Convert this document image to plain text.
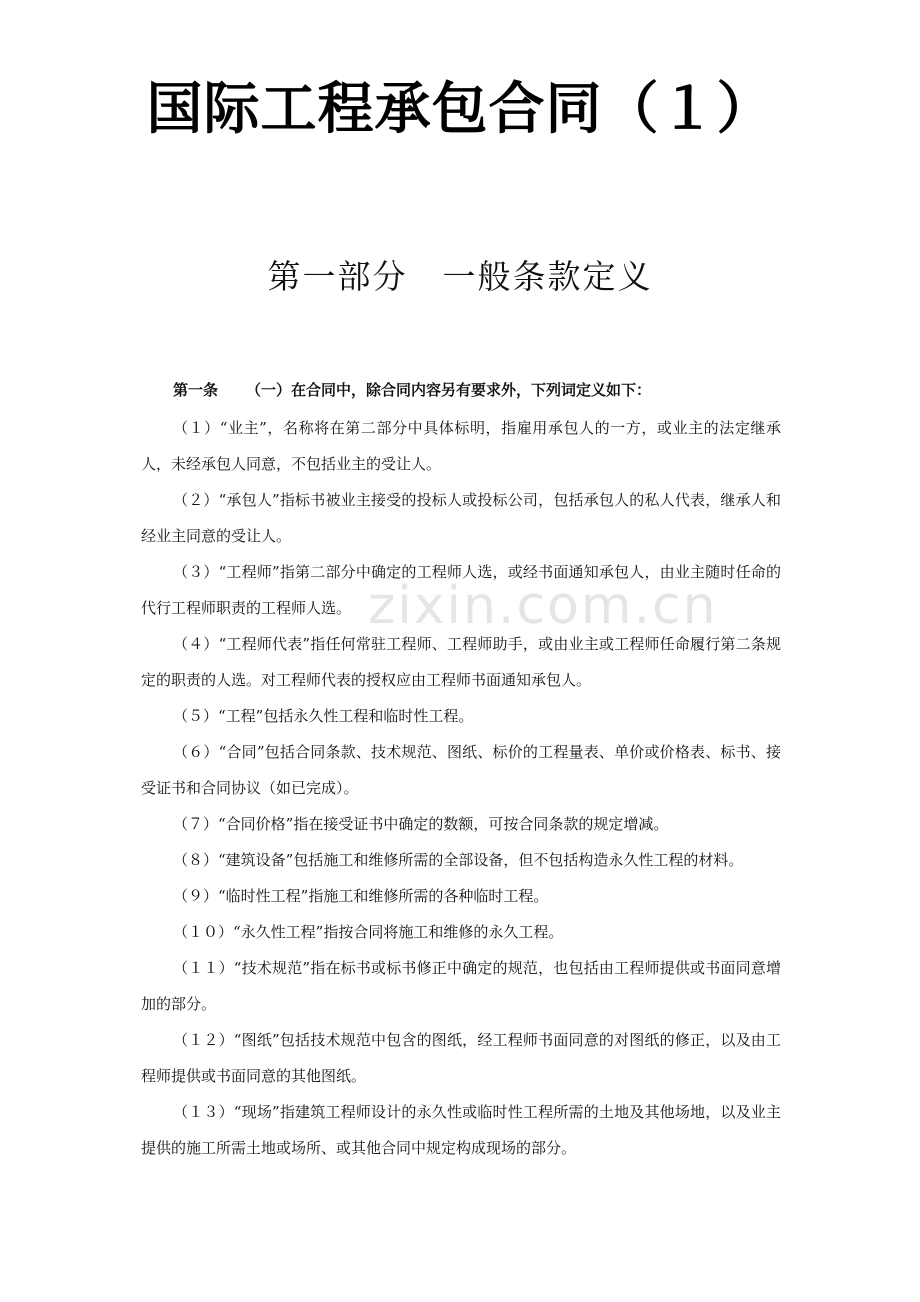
国际工程承包合同（１）
第一部分　一般条款定义

第一条 （一）在合同中，除合同内容另有要求外，下列词定义如下：

（１）“业主”，名称将在第二部分中具体标明，指雇用承包人的一方，或业主的法定继承人，未经承包人同意，不包括业主的受让人。
（２）“承包人”指标书被业主接受的投标人或投标公司，包括承包人的私人代表，继承人和经业主同意的受让人。
（３）“工程师”指第二部分中确定的工程师人选，或经书面通知承包人，由业主随时任命的代行工程师职责的工程师人选。
（４）“工程师代表”指任何常驻工程师、工程师助手，或由业主或工程师任命履行第二条规定的职责的人选。对工程师代表的授权应由工程师书面通知承包人。
（５）“工程”包括永久性工程和临时性工程。
（６）“合同”包括合同条款、技术规范、图纸、标价的工程量表、单价或价格表、标书、接受证书和合同协议（如已完成）。
（７）“合同价格”指在接受证书中确定的数额，可按合同条款的规定增减。
（８）“建筑设备”包括施工和维修所需的全部设备，但不包括构造永久性工程的材料。
（９）“临时性工程”指施工和维修所需的各种临时工程。
（１０）“永久性工程”指按合同将施工和维修的永久工程。
（１１）“技术规范”指在标书或标书修正中确定的规范，也包括由工程师提供或书面同意增加的部分。
（１２）“图纸”包括技术规范中包含的图纸，经工程师书面同意的对图纸的修正，以及由工程师提供或书面同意的其他图纸。
（１３）“现场”指建筑工程师设计的永久性或临时性工程所需的土地及其他场地，以及业主提供的施工所需土地或场所、或其他合同中规定构成现场的部分。
zixin.com.cn
